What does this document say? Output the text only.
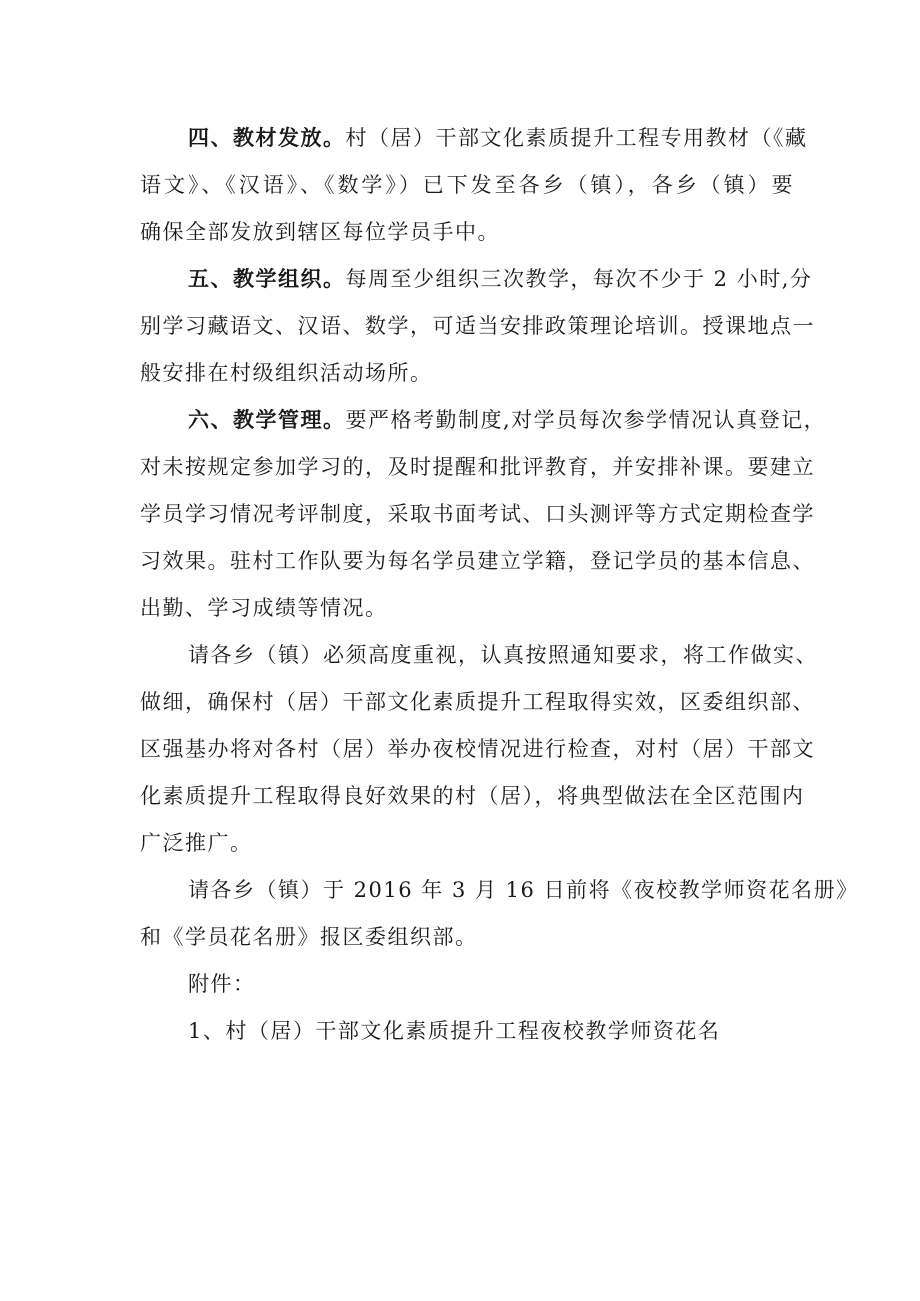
四、教材发放。村（居）干部文化素质提升工程专用教材（《藏
语文》、《汉语》、《数学》）已下发至各乡（镇），各乡（镇）要
确保全部发放到辖区每位学员手中。
五、教学组织。每周至少组织三次教学，每次不少于 2 小时,分
别学习藏语文、汉语、数学，可适当安排政策理论培训。授课地点一
般安排在村级组织活动场所。
六、教学管理。要严格考勤制度,对学员每次参学情况认真登记，
对未按规定参加学习的，及时提醒和批评教育，并安排补课。要建立
学员学习情况考评制度，采取书面考试、口头测评等方式定期检查学
习效果。驻村工作队要为每名学员建立学籍，登记学员的基本信息、
出勤、学习成绩等情况。
请各乡（镇）必须高度重视，认真按照通知要求，将工作做实、
做细，确保村（居）干部文化素质提升工程取得实效，区委组织部、
区强基办将对各村（居）举办夜校情况进行检查，对村（居）干部文
化素质提升工程取得良好效果的村（居），将典型做法在全区范围内
广泛推广。
请各乡（镇）于 2016 年 3 月 16 日前将《夜校教学师资花名册》
和《学员花名册》报区委组织部。
附件：
1、村（居）干部文化素质提升工程夜校教学师资花名
